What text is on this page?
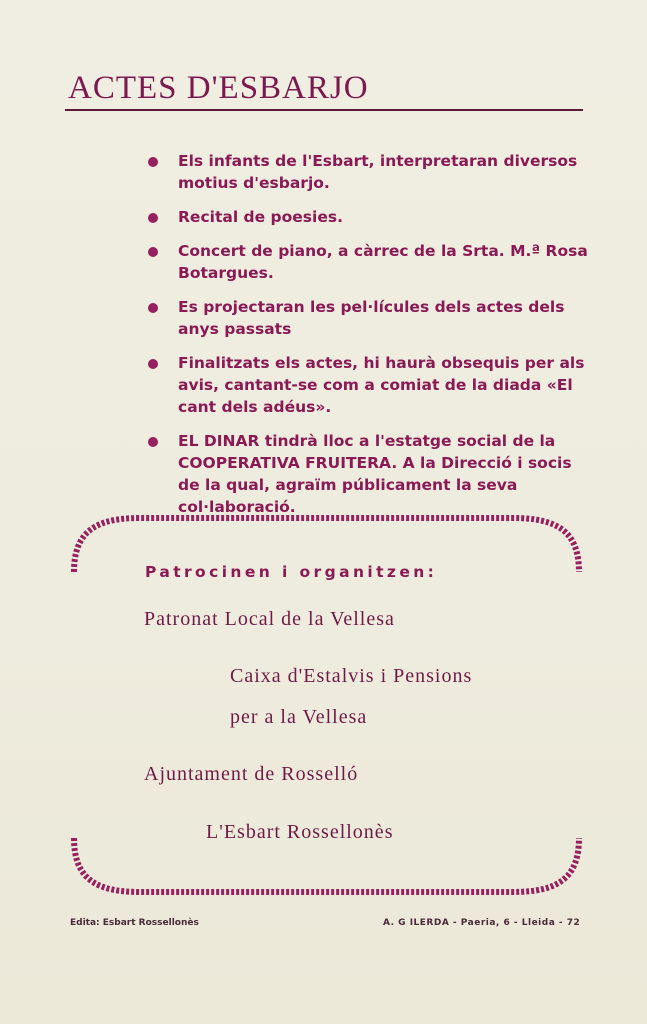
ACTES D'ESBARJO
Els infants de l'Esbart, interpretaran diversos motius d'esbarjo.
Recital de poesies.
Concert de piano, a càrrec de la Srta. M.ª Rosa Botargues.
Es projectaran les pel·lícules dels actes dels anys passats
Finalitzats els actes, hi haurà obsequis per als avis, cantant-se com a comiat de la diada «El cant dels adéus».
EL DINAR tindrà lloc a l'estatge social de la COOPERATIVA FRUITERA. A la Direcció i socis de la qual, agraïm públicament la seva col·laboració.
Patrocinen i organitzen:
Patronat Local de la Vellesa
Caixa d'Estalvis i Pensions
per a la Vellesa
Ajuntament de Rosselló
L'Esbart Rossellonès
Edita: Esbart Rossellonès	A. G ILERDA - Paeria, 6 - Lleida - 72
